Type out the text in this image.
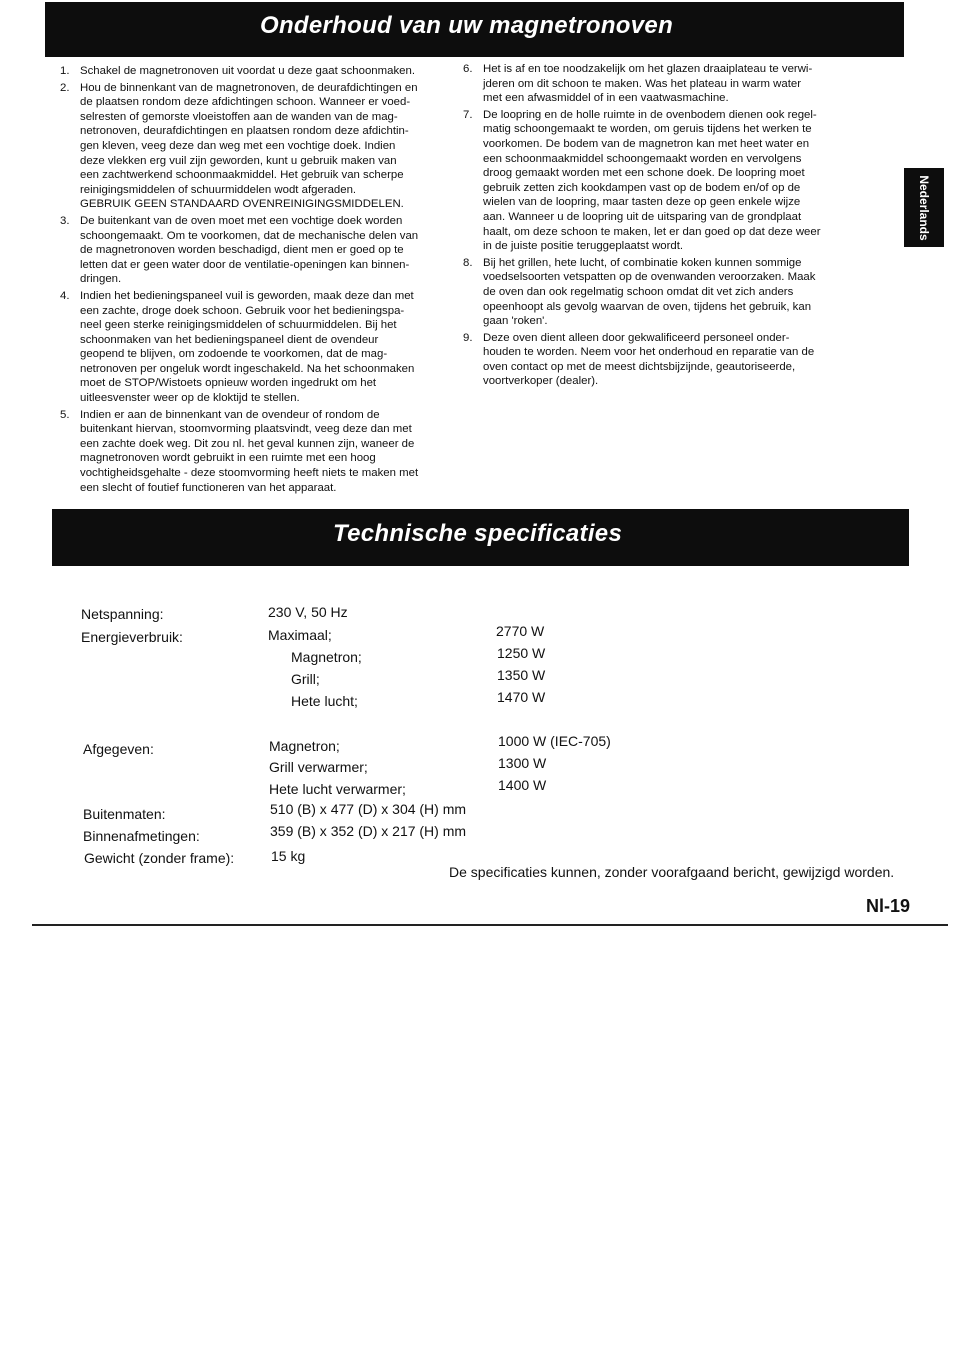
Onderhoud van uw magnetronoven
1. Schakel de magnetronoven uit voordat u deze gaat schoonmaken.
2. Hou de binnenkant van de magnetronoven, de deurafdichtingen en
de plaatsen rondom deze afdichtingen schoon. Wanneer er voed-
selresten of gemorste vloeistoffen aan de wanden van de mag-
netronoven, deurafdichtingen en plaatsen rondom deze afdichtin-
gen kleven, veeg deze dan weg met een vochtige doek. Indien
deze vlekken erg vuil zijn geworden, kunt u gebruik maken van
een zachtwerkend schoonmaakmiddel. Het gebruik van scherpe
reinigingsmiddelen of schuurmiddelen wodt afgeraden.
GEBRUIK GEEN STANDAARD OVENREINIGINGSMIDDELEN.
3. De buitenkant van de oven moet met een vochtige doek worden
schoongemaakt. Om te voorkomen, dat de mechanische delen van
de magnetronoven worden beschadigd, dient men er goed op te
letten dat er geen water door de ventilatie-openingen kan binnen-
dringen.
4. Indien het bedieningspaneel vuil is geworden, maak deze dan met
een zachte, droge doek schoon. Gebruik voor het bedieningspa-
neel geen sterke reinigingsmiddelen of schuurmiddelen. Bij het
schoonmaken van het bedieningspaneel dient de ovendeur
geopend te blijven, om zodoende te voorkomen, dat de mag-
netronoven per ongeluk wordt ingeschakeld. Na het schoonmaken
moet de STOP/Wistoets opnieuw worden ingedrukt om het
uitleesvenster weer op de kloktijd te stellen.
5. Indien er aan de binnenkant van de ovendeur of rondom de
buitenkant hiervan, stoomvorming plaatsvindt, veeg deze dan met
een zachte doek weg. Dit zou nl. het geval kunnen zijn, waneer de
magnetronoven wordt gebruikt in een ruimte met een hoog
vochtigheidsgehalte - deze stoomvorming heeft niets te maken met
een slecht of foutief functioneren van het apparaat.
6. Het is af en toe noodzakelijk om het glazen draaiplateau te verwi-
jderen om dit schoon te maken. Was het plateau in warm water
met een afwasmiddel of in een vaatwasmachine.
7. De loopring en de holle ruimte in de ovenbodem dienen ook regel-
matig schoongemaakt te worden, om geruis tijdens het werken te
voorkomen. De bodem van de magnetron kan met heet water en
een schoonmaakmiddel schoongemaakt worden en vervolgens
droog gemaakt worden met een schone doek. De loopring moet
gebruik zetten zich kookdampen vast op de bodem en/of op de
wielen van de loopring, maar tasten deze op geen enkele wijze
aan. Wanneer u de loopring uit de uitsparing van de grondplaat
haalt, om deze schoon te maken, let er dan goed op dat deze weer
in de juiste positie teruggeplaatst wordt.
8. Bij het grillen, hete lucht, of combinatie koken kunnen sommige
voedselsoorten vetspatten op de ovenwanden veroorzaken. Maak
de oven dan ook regelmatig schoon omdat dit vet zich anders
opeenhoopt als gevolg waarvan de oven, tijdens het gebruik, kan
gaan 'roken'.
9. Deze oven dient alleen door gekwalificeerd personeel onder-
houden te worden. Neem voor het onderhoud en reparatie van de
oven contact op met de meest dichtsbijzijnde, geautoriseerde,
voortverkoper (dealer).
Nederlands
Technische specificaties
Netspanning:	230 V, 50 Hz
Energieverbruik:	Maximaal;	2770 W
Magnetron;	1250 W
Grill;	1350 W
Hete lucht;	1470 W
Afgegeven:	Magnetron;	1000 W (IEC-705)
Grill verwarmer;	1300 W
Hete lucht verwarmer;	1400 W
Buitenmaten:	510 (B) x 477 (D) x 304 (H) mm
Binnenafmetingen:	359 (B) x 352 (D) x 217 (H) mm
Gewicht (zonder frame):	15 kg
De specificaties kunnen, zonder voorafgaand bericht, gewijzigd worden.
Nl-19
